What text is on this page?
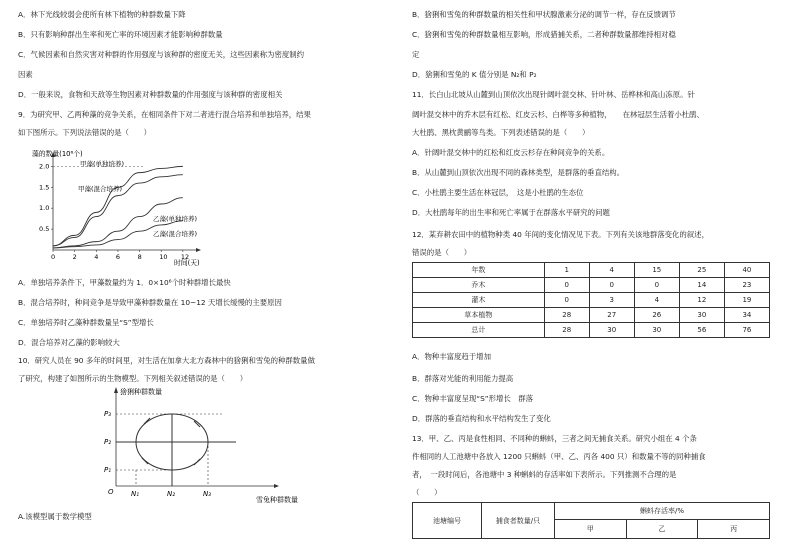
A．林下光线较弱会使所有林下植物的种群数量下降
B．只有影响种群出生率和死亡率的环境因素才能影响种群数量
C．气候因素和自然灾害对种群的作用强度与该种群的密度无关，这些因素称为密度制约
因素
D．一般来说，食物和天敌等生物因素对种群数量的作用强度与该种群的密度相关
9．为研究甲、乙两种藻的竞争关系，在相同条件下对二者进行混合培养和单独培养，结果
如下图所示。下列说法错误的是（　　）
藻的数量(10⁶个)
时间(天)
2.0
1.5
1.0
0.5
0	2	4	6	8	10 12
甲藻(单独培养)
甲藻(混合培养)
乙藻(单独培养)
乙藻(混合培养)
A．单独培养条件下，甲藻数量约为 1．0×10⁶个时种群增长最快
B．混合培养时，种间竞争是导致甲藻种群数量在 10~12 天增长缓慢的主要原因
C．单独培养时乙藻种群数量呈“S”型增长
D．混合培养对乙藻的影响较大
10．研究人员在 90 多年的时间里，对生活在加拿大北方森林中的猞猁和雪兔的种群数量做
了研究，构建了如图所示的生物模型。下列相关叙述错误的是（　　）
猞猁种群数量
雪兔种群数量
P₃
P₂
P₁
O N₁	N₂	N₃
A.该模型属于数学模型
B．猞猁和雪兔的种群数量的相关性和甲状腺激素分泌的调节一样，存在反馈调节
C．猞猁和雪兔的种群数量相互影响，形成猎捕关系，二者种群数量都维持相对稳
定
D．猞猁和雪兔的 K 值分别是 N₂和 P₂
11．长白山北坡从山麓到山顶依次出现针阔叶混交林、针叶林、岳桦林和高山冻原。针
阔叶混交林中的乔木层有红松、红皮云杉、白桦等多种植物，　　在林冠层生活着小杜鹃、
大杜鹃、黑枕黄鹂等鸟类。下列表述错误的是（　　）
A．针阔叶混交林中的红松和红皮云杉存在种间竞争的关系。
B．从山麓到山顶依次出现不同的森林类型，是群落的垂直结构。
C．小杜鹃主要生活在林冠层，　这是小杜鹃的生态位
D．大杜鹃每年的出生率和死亡率属于在群落水平研究的问题
12．某弃耕农田中的植物种类 40 年间的变化情况见下表。下列有关该地群落变化的叙述，
错误的是（　　）
年数	1	4	15	25	40
乔木	0	0	0	14	23
灌木	0	3	4	12	19
草本植物	28	27	26	30	34
总计	28	30	30	56	76
A．物种丰富度趋于增加
B．群落对光能的利用能力提高
C．物种丰富度呈现“S”形增长　群落
D．群落的垂直结构和水平结构发生了变化
13．甲、乙、丙是食性相同、不同种的蝌蚪，三者之间无捕食关系。研究小组在 4 个条
件相同的人工池塘中各放入 1200 只蝌蚪（甲、乙、丙各 400 只）和数量不等的同种捕食
者，　一段时间后，各池塘中 3 种蝌蚪的存活率如下表所示。下列推测不合理的是
（　　）
池塘编号	捕食者数量/只	蝌蚪存活率/%		
		甲	乙	丙
